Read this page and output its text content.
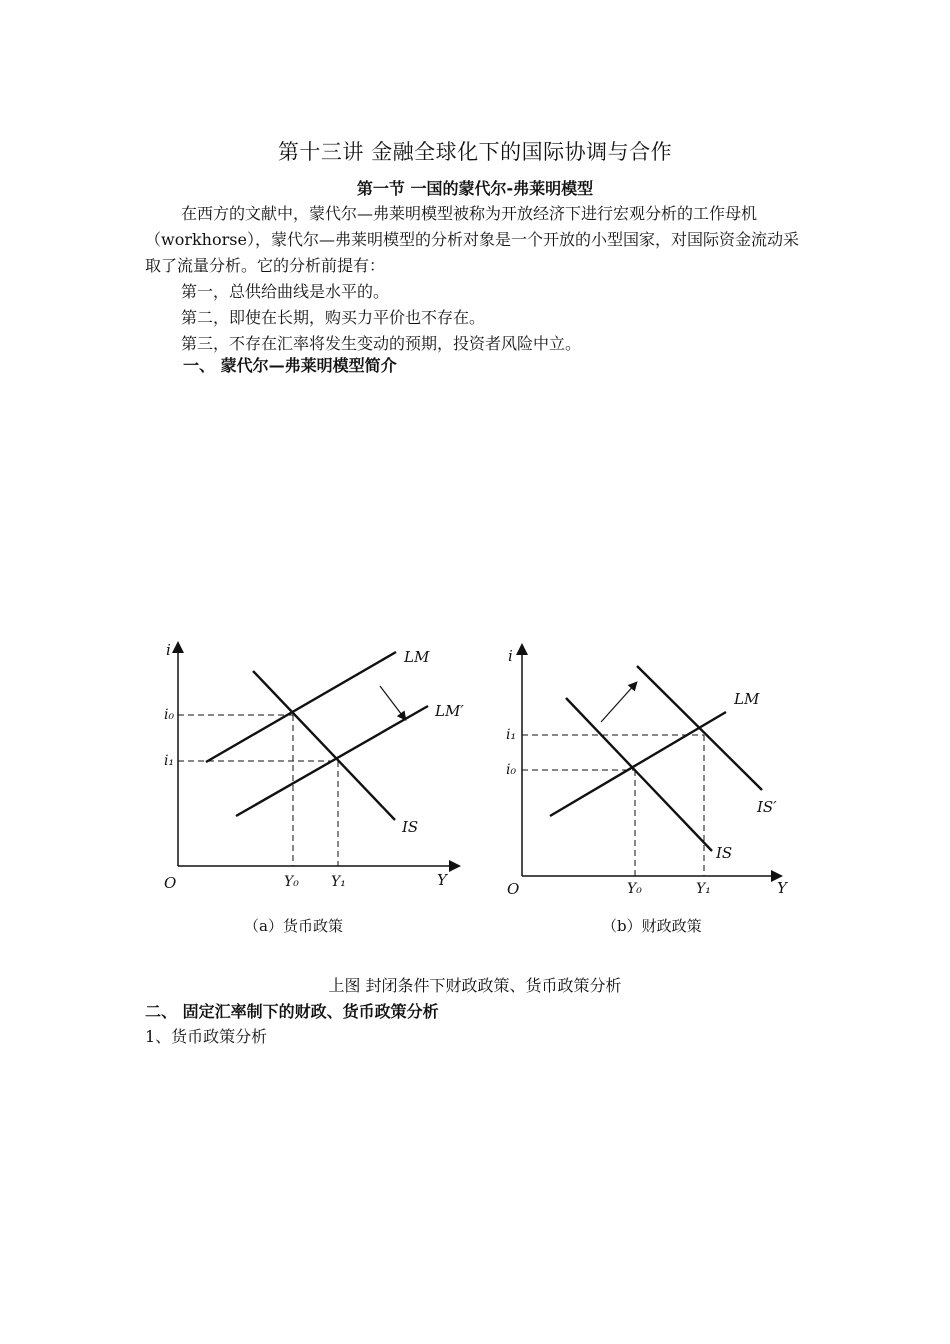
第十三讲 金融全球化下的国际协调与合作
第一节 一国的蒙代尔-弗莱明模型
在西方的文献中，蒙代尔—弗莱明模型被称为开放经济下进行宏观分析的工作母机（workhorse），蒙代尔—弗莱明模型的分析对象是一个开放的小型国家，对国际资金流动采取了流量分析。它的分析前提有：
第一，总供给曲线是水平的。
第二，即使在长期，购买力平价也不存在。
第三，不存在汇率将发生变动的预期，投资者风险中立。
一、 蒙代尔—弗莱明模型简介
i
Y
O
i₀
i₁
Y₀ Y₁
LM
LM′
IS
（a）货币政策
i
Y
O
i₁
i₀
Y₀	Y₁
LM
IS′
IS
（b）财政政策
上图 封闭条件下财政政策、货币政策分析
二、 固定汇率制下的财政、货币政策分析
1、货币政策分析
